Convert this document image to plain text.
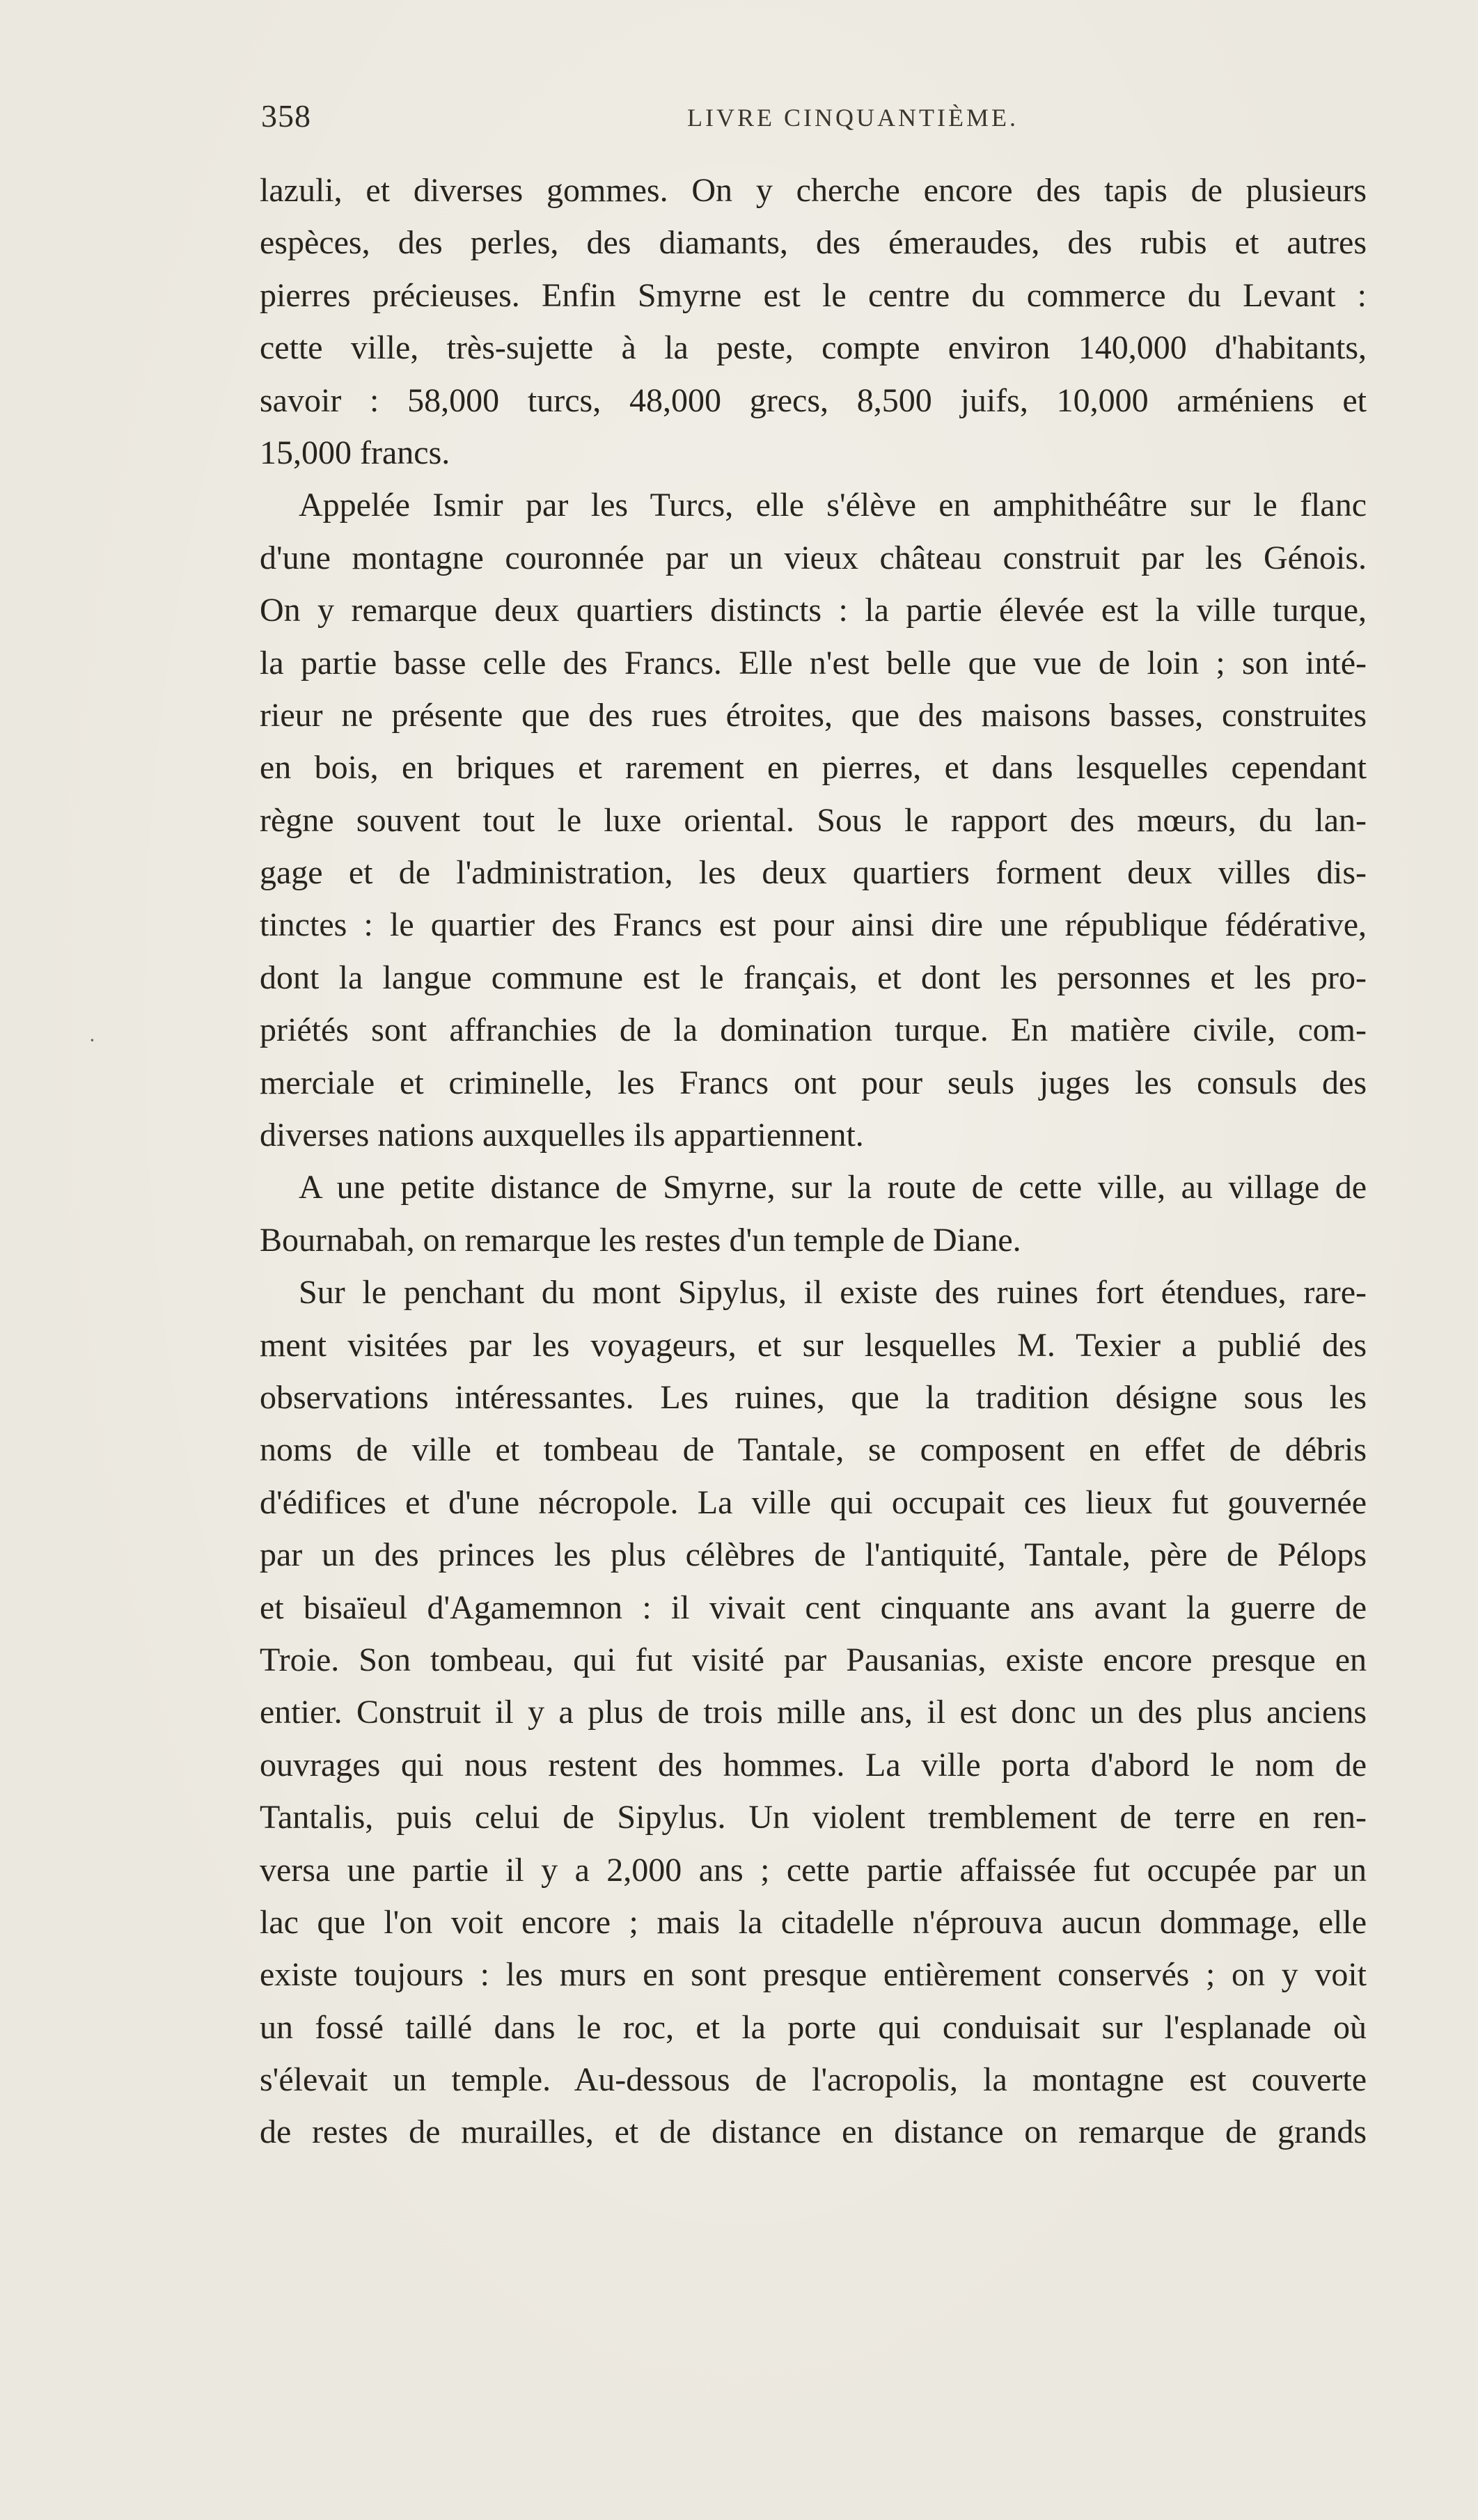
358	LIVRE CINQUANTIÈME.
lazuli, et diverses gommes. On y cherche encore des tapis de plusieurs
espèces, des perles, des diamants, des émeraudes, des rubis et autres
pierres précieuses. Enfin Smyrne est le centre du commerce du Levant :
cette ville, très-sujette à la peste, compte environ 140,000 d'habitants,
savoir : 58,000 turcs, 48,000 grecs, 8,500 juifs, 10,000 arméniens et
15,000 francs.
Appelée Ismir par les Turcs, elle s'élève en amphithéâtre sur le flanc
d'une montagne couronnée par un vieux château construit par les Génois.
On y remarque deux quartiers distincts : la partie élevée est la ville turque,
la partie basse celle des Francs. Elle n'est belle que vue de loin ; son inté-
rieur ne présente que des rues étroites, que des maisons basses, construites
en bois, en briques et rarement en pierres, et dans lesquelles cependant
règne souvent tout le luxe oriental. Sous le rapport des mœurs, du lan-
gage et de l'administration, les deux quartiers forment deux villes dis-
tinctes : le quartier des Francs est pour ainsi dire une république fédérative,
dont la langue commune est le français, et dont les personnes et les pro-
priétés sont affranchies de la domination turque. En matière civile, com-
merciale et criminelle, les Francs ont pour seuls juges les consuls des
diverses nations auxquelles ils appartiennent.
A une petite distance de Smyrne, sur la route de cette ville, au village de
Bournabah, on remarque les restes d'un temple de Diane.
Sur le penchant du mont Sipylus, il existe des ruines fort étendues, rare-
ment visitées par les voyageurs, et sur lesquelles M. Texier a publié des
observations intéressantes. Les ruines, que la tradition désigne sous les
noms de ville et tombeau de Tantale, se composent en effet de débris
d'édifices et d'une nécropole. La ville qui occupait ces lieux fut gouvernée
par un des princes les plus célèbres de l'antiquité, Tantale, père de Pélops
et bisaïeul d'Agamemnon : il vivait cent cinquante ans avant la guerre de
Troie. Son tombeau, qui fut visité par Pausanias, existe encore presque en
entier. Construit il y a plus de trois mille ans, il est donc un des plus anciens
ouvrages qui nous restent des hommes. La ville porta d'abord le nom de
Tantalis, puis celui de Sipylus. Un violent tremblement de terre en ren-
versa une partie il y a 2,000 ans ; cette partie affaissée fut occupée par un
lac que l'on voit encore ; mais la citadelle n'éprouva aucun dommage, elle
existe toujours : les murs en sont presque entièrement conservés ; on y voit
un fossé taillé dans le roc, et la porte qui conduisait sur l'esplanade où
s'élevait un temple. Au-dessous de l'acropolis, la montagne est couverte
de restes de murailles, et de distance en distance on remarque de grands
·
